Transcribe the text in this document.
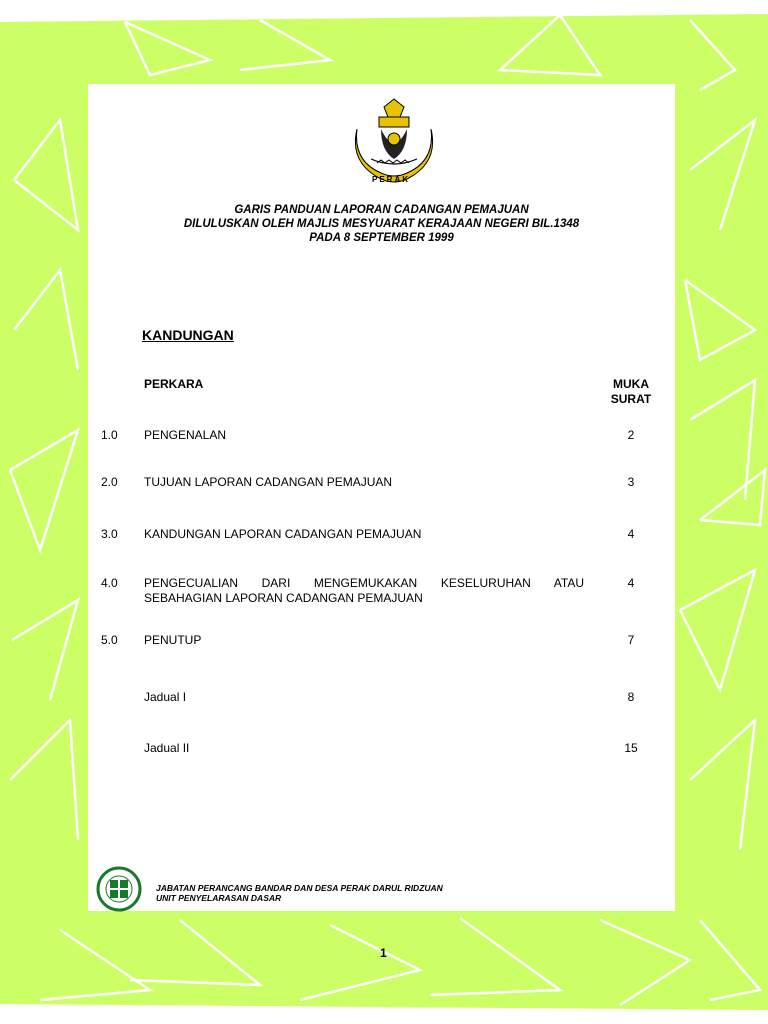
PERAK
GARIS PANDUAN LAPORAN CADANGAN PEMAJUAN
DILULUSKAN OLEH MAJLIS MESYUARAT KERAJAAN NEGERI BIL.1348
PADA 8 SEPTEMBER 1999
KANDUNGAN
PERKARA	MUKA
SURAT
1.0 PENGENALAN	2
2.0 TUJUAN LAPORAN CADANGAN PEMAJUAN	3
3.0 KANDUNGAN LAPORAN CADANGAN PEMAJUAN	4
4.0 PENGECUALIAN DARI MENGEMUKAKAN KESELURUHAN ATAU	4
SEBAHAGIAN LAPORAN CADANGAN PEMAJUAN
5.0 PENUTUP	7
Jadual I	8
Jadual II	15
JABATAN PERANCANG BANDAR DAN DESA PERAK DARUL RIDZUAN
UNIT PENYELARASAN DASAR
1
